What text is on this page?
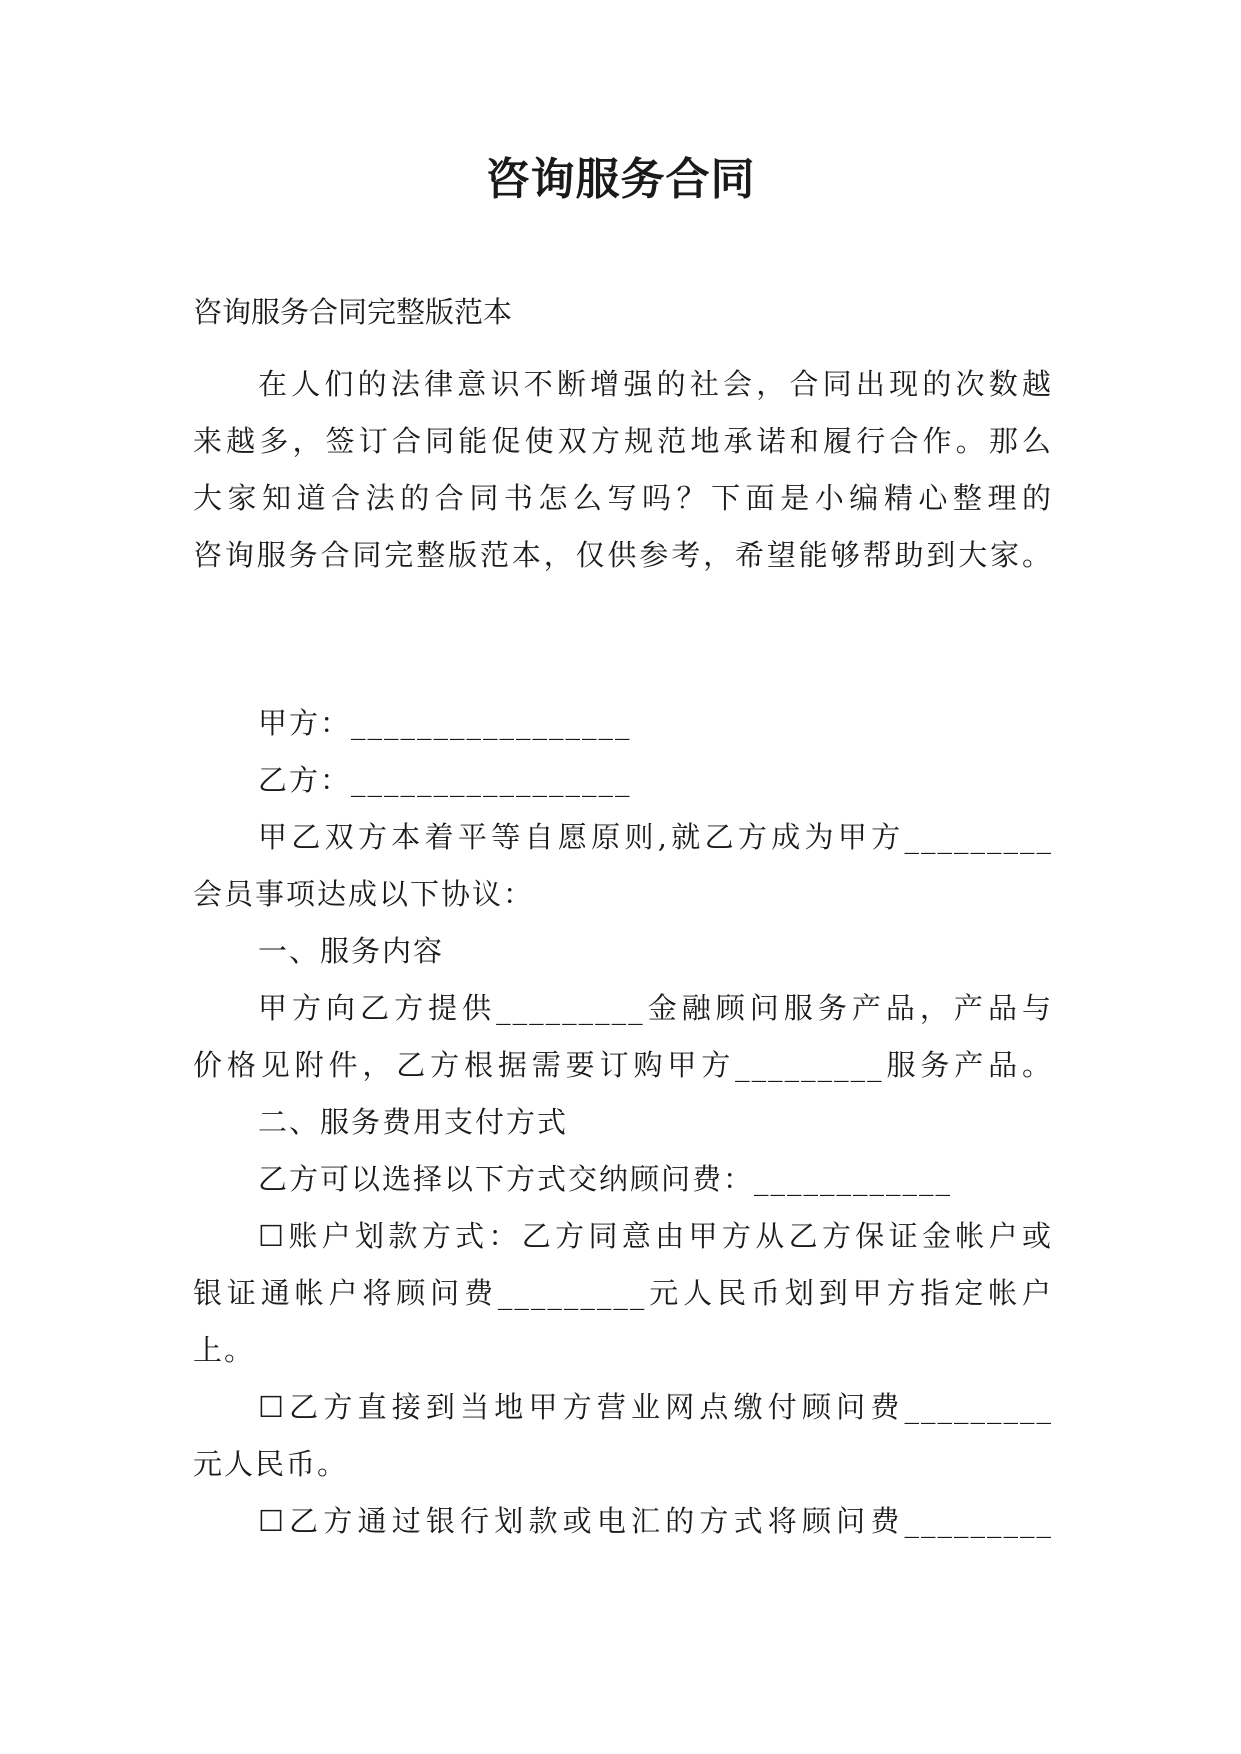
咨询服务合同
咨询服务合同完整版范本
在人们的法律意识不断增强的社会，合同出现的次数越
来越多，签订合同能促使双方规范地承诺和履行合作。那么
大家知道合法的合同书怎么写吗？下面是小编精心整理的
咨询服务合同完整版范本，仅供参考，希望能够帮助到大家。
甲方：_________________
乙方：_________________
甲乙双方本着平等自愿原则,就乙方成为甲方_________
会员事项达成以下协议：
一、服务内容
甲方向乙方提供_________金融顾问服务产品，产品与
价格见附件，乙方根据需要订购甲方_________服务产品。
二、服务费用支付方式
乙方可以选择以下方式交纳顾问费：____________
☐账户划款方式：乙方同意由甲方从乙方保证金帐户或
银证通帐户将顾问费_________元人民币划到甲方指定帐户
上。
☐乙方直接到当地甲方营业网点缴付顾问费_________
元人民币。
☐乙方通过银行划款或电汇的方式将顾问费_________
